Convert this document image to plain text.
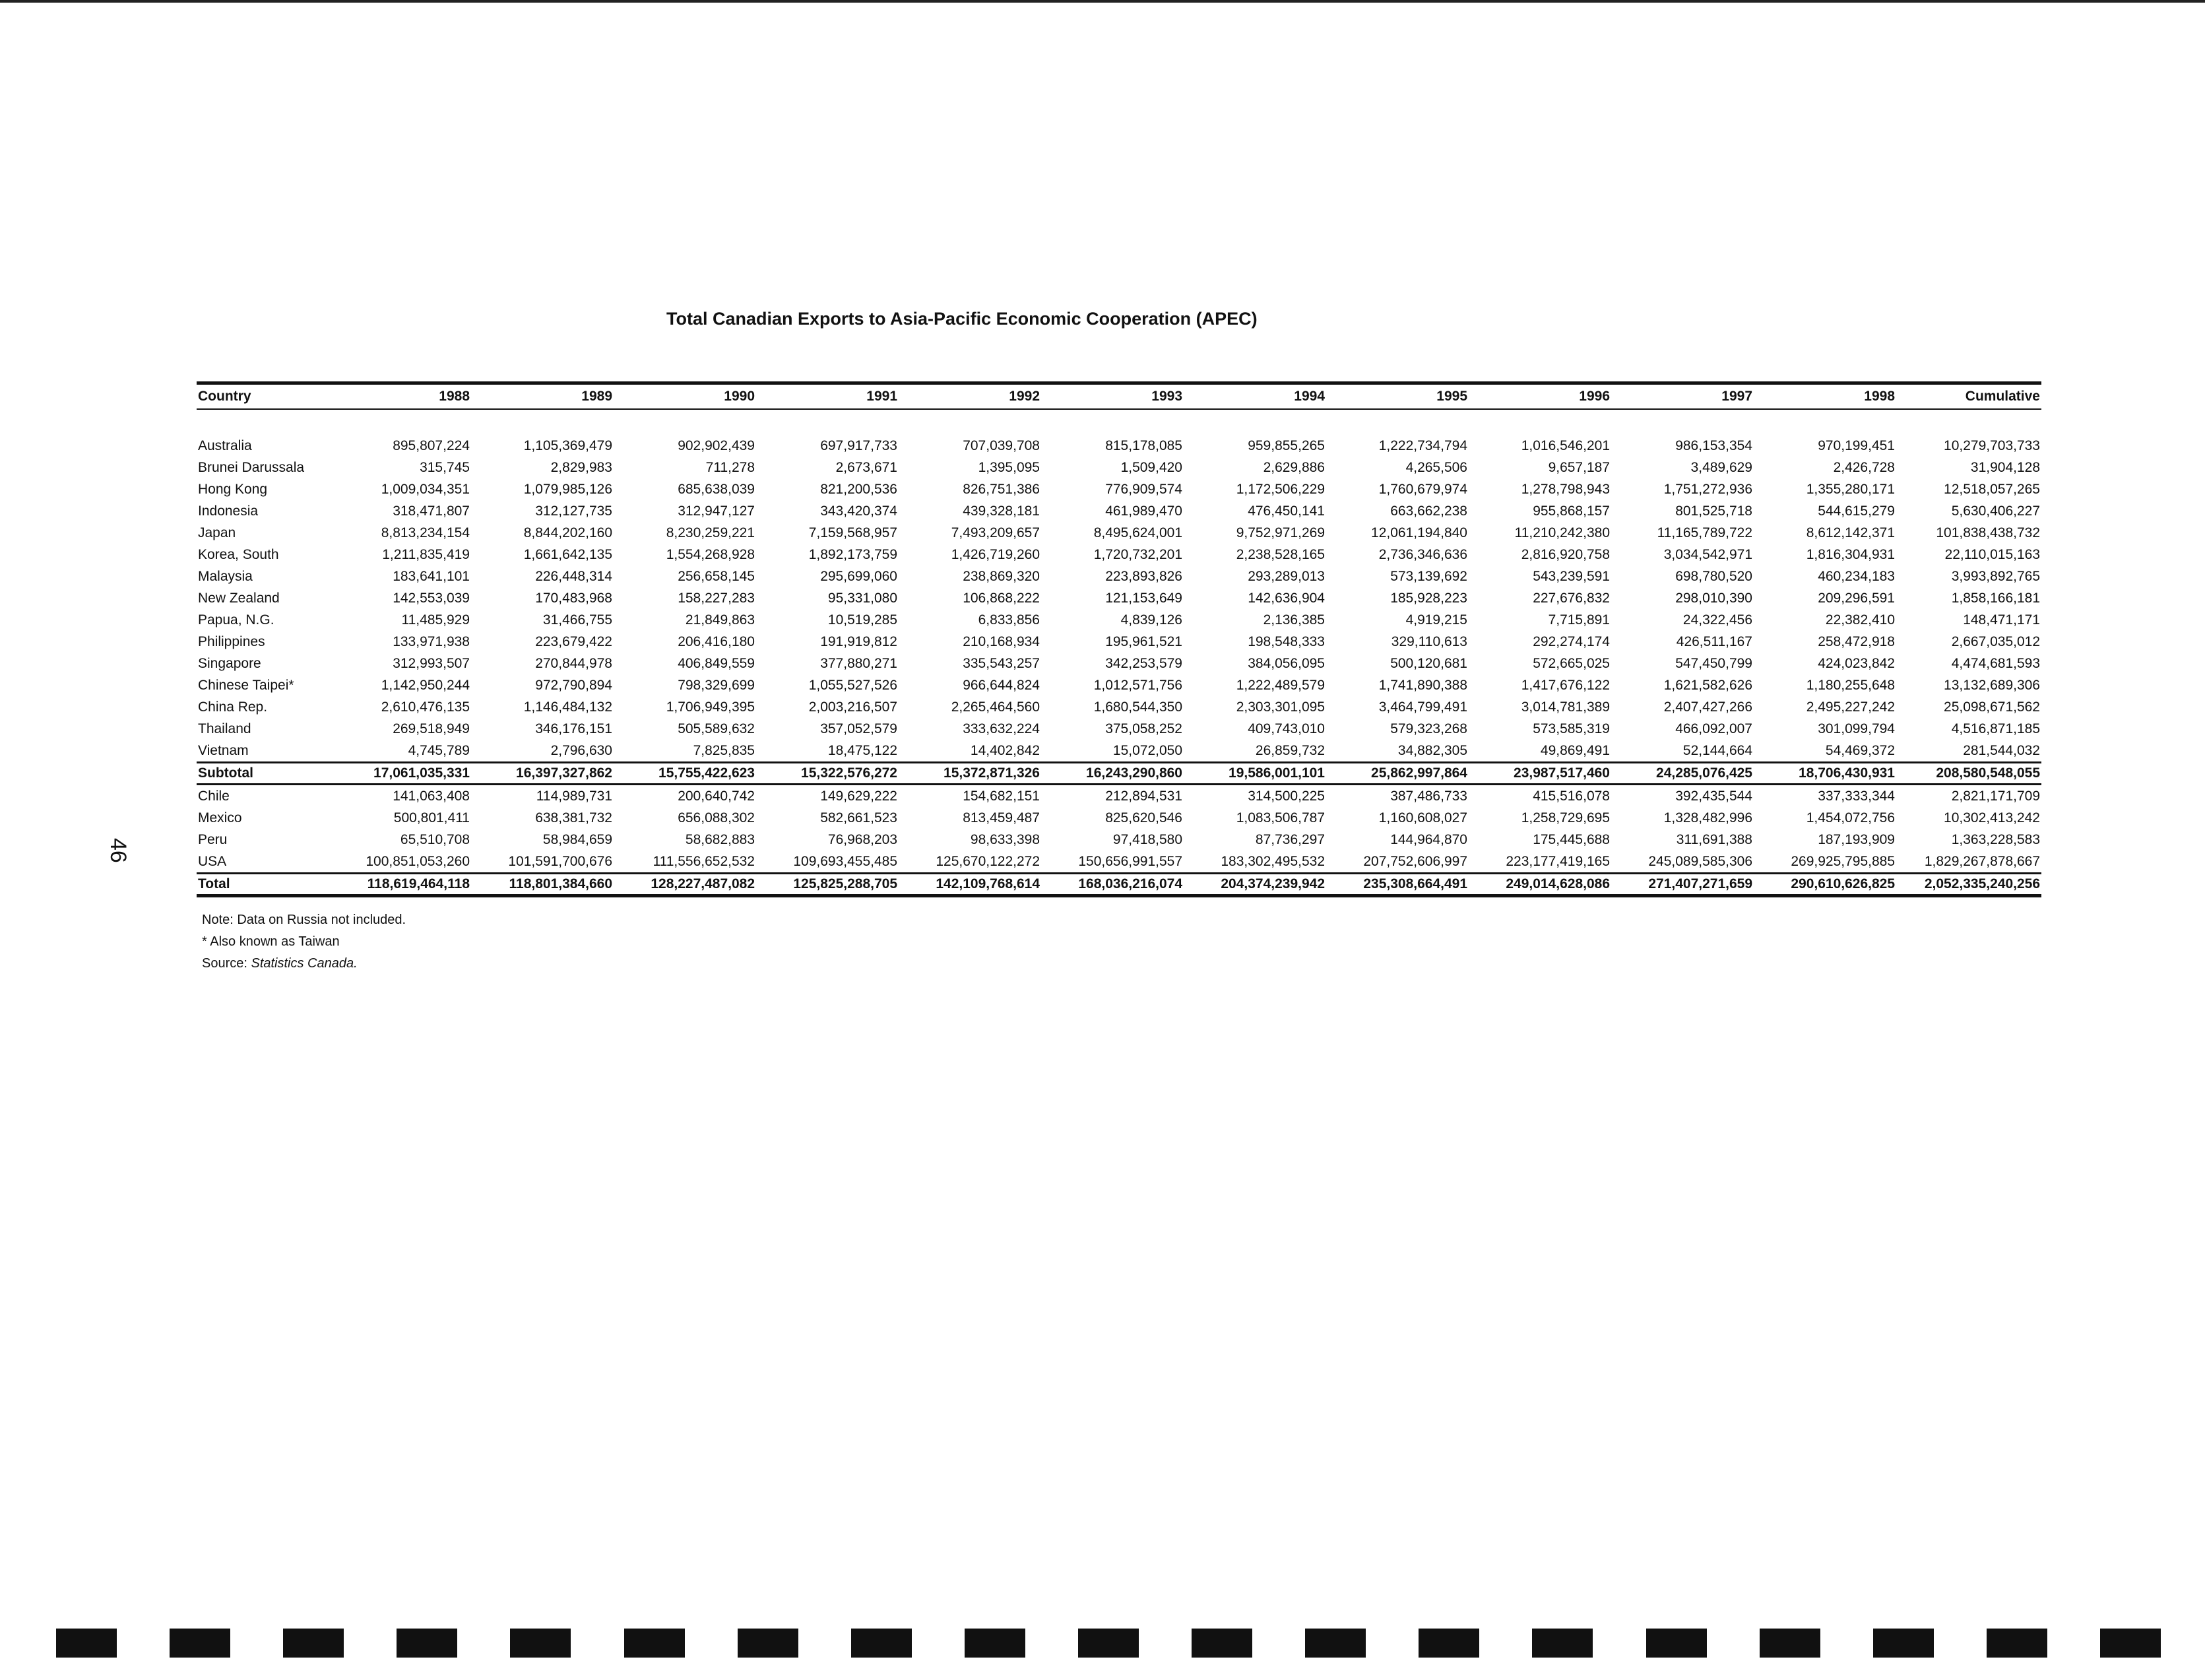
Total Canadian Exports to Asia-Pacific Economic Cooperation (APEC)
Country	1988	1989	1990	1991	1992	1993	1994	1995	1996	1997	1998	Cumulative

Australia	895,807,224	1,105,369,479	902,902,439	697,917,733	707,039,708	815,178,085	959,855,265	1,222,734,794	1,016,546,201	986,153,354	970,199,451	10,279,703,733
Brunei Darussala	315,745	2,829,983	711,278	2,673,671	1,395,095	1,509,420	2,629,886	4,265,506	9,657,187	3,489,629	2,426,728	31,904,128
Hong Kong	1,009,034,351	1,079,985,126	685,638,039	821,200,536	826,751,386	776,909,574	1,172,506,229	1,760,679,974	1,278,798,943	1,751,272,936	1,355,280,171	12,518,057,265
Indonesia	318,471,807	312,127,735	312,947,127	343,420,374	439,328,181	461,989,470	476,450,141	663,662,238	955,868,157	801,525,718	544,615,279	5,630,406,227
Japan	8,813,234,154	8,844,202,160	8,230,259,221	7,159,568,957	7,493,209,657	8,495,624,001	9,752,971,269	12,061,194,840	11,210,242,380	11,165,789,722	8,612,142,371	101,838,438,732
Korea, South	1,211,835,419	1,661,642,135	1,554,268,928	1,892,173,759	1,426,719,260	1,720,732,201	2,238,528,165	2,736,346,636	2,816,920,758	3,034,542,971	1,816,304,931	22,110,015,163
Malaysia	183,641,101	226,448,314	256,658,145	295,699,060	238,869,320	223,893,826	293,289,013	573,139,692	543,239,591	698,780,520	460,234,183	3,993,892,765
New Zealand	142,553,039	170,483,968	158,227,283	95,331,080	106,868,222	121,153,649	142,636,904	185,928,223	227,676,832	298,010,390	209,296,591	1,858,166,181
Papua, N.G.	11,485,929	31,466,755	21,849,863	10,519,285	6,833,856	4,839,126	2,136,385	4,919,215	7,715,891	24,322,456	22,382,410	148,471,171
Philippines	133,971,938	223,679,422	206,416,180	191,919,812	210,168,934	195,961,521	198,548,333	329,110,613	292,274,174	426,511,167	258,472,918	2,667,035,012
Singapore	312,993,507	270,844,978	406,849,559	377,880,271	335,543,257	342,253,579	384,056,095	500,120,681	572,665,025	547,450,799	424,023,842	4,474,681,593
Chinese Taipei*	1,142,950,244	972,790,894	798,329,699	1,055,527,526	966,644,824	1,012,571,756	1,222,489,579	1,741,890,388	1,417,676,122	1,621,582,626	1,180,255,648	13,132,689,306
China Rep.	2,610,476,135	1,146,484,132	1,706,949,395	2,003,216,507	2,265,464,560	1,680,544,350	2,303,301,095	3,464,799,491	3,014,781,389	2,407,427,266	2,495,227,242	25,098,671,562
Thailand	269,518,949	346,176,151	505,589,632	357,052,579	333,632,224	375,058,252	409,743,010	579,323,268	573,585,319	466,092,007	301,099,794	4,516,871,185
Vietnam	4,745,789	2,796,630	7,825,835	18,475,122	14,402,842	15,072,050	26,859,732	34,882,305	49,869,491	52,144,664	54,469,372	281,544,032
Subtotal	17,061,035,331	16,397,327,862	15,755,422,623	15,322,576,272	15,372,871,326	16,243,290,860	19,586,001,101	25,862,997,864	23,987,517,460	24,285,076,425	18,706,430,931	208,580,548,055
Chile	141,063,408	114,989,731	200,640,742	149,629,222	154,682,151	212,894,531	314,500,225	387,486,733	415,516,078	392,435,544	337,333,344	2,821,171,709
Mexico	500,801,411	638,381,732	656,088,302	582,661,523	813,459,487	825,620,546	1,083,506,787	1,160,608,027	1,258,729,695	1,328,482,996	1,454,072,756	10,302,413,242
Peru	65,510,708	58,984,659	58,682,883	76,968,203	98,633,398	97,418,580	87,736,297	144,964,870	175,445,688	311,691,388	187,193,909	1,363,228,583
USA	100,851,053,260	101,591,700,676	111,556,652,532	109,693,455,485	125,670,122,272	150,656,991,557	183,302,495,532	207,752,606,997	223,177,419,165	245,089,585,306	269,925,795,885	1,829,267,878,667
Total	118,619,464,118	118,801,384,660	128,227,487,082	125,825,288,705	142,109,768,614	168,036,216,074	204,374,239,942	235,308,664,491	249,014,628,086	271,407,271,659	290,610,626,825	2,052,335,240,256
Note: Data on Russia not included.
* Also known as Taiwan
Source: Statistics Canada.
46
